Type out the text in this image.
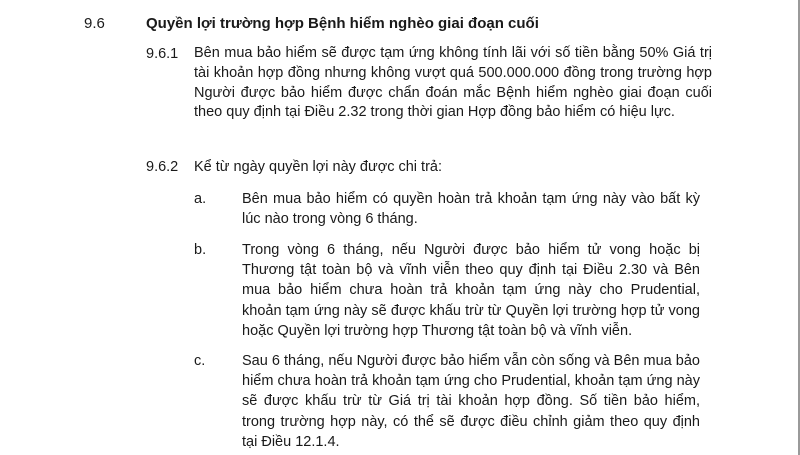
9.6	Quyền lợi trường hợp Bệnh hiểm nghèo giai đoạn cuối
9.6.1 Bên mua bảo hiểm sẽ được tạm ứng không tính lãi với số tiền bằng 50% Giá trị tài khoản hợp đồng nhưng không vượt quá 500.000.000 đồng trong trường hợp Người được bảo hiểm được chẩn đoán mắc Bệnh hiểm nghèo giai đoạn cuối theo quy định tại Điều 2.32 trong thời gian Hợp đồng bảo hiểm có hiệu lực.
9.6.2 Kể từ ngày quyền lợi này được chi trả:
a. Bên mua bảo hiểm có quyền hoàn trả khoản tạm ứng này vào bất kỳ lúc nào trong vòng 6 tháng.
b. Trong vòng 6 tháng, nếu Người được bảo hiểm tử vong hoặc bị Thương tật toàn bộ và vĩnh viễn theo quy định tại Điều 2.30 và Bên mua bảo hiểm chưa hoàn trả khoản tạm ứng này cho Prudential, khoản tạm ứng này sẽ được khấu trừ từ Quyền lợi trường hợp tử vong hoặc Quyền lợi trường hợp Thương tật toàn bộ và vĩnh viễn.
c.	Sau 6 tháng, nếu Người được bảo hiểm vẫn còn sống và Bên mua bảo hiểm chưa hoàn trả khoản tạm ứng cho Prudential, khoản tạm ứng này sẽ được khấu trừ từ Giá trị tài khoản hợp đồng. Số tiền bảo hiểm, trong trường hợp này, có thể sẽ được điều chỉnh giảm theo quy định tại Điều 12.1.4.
